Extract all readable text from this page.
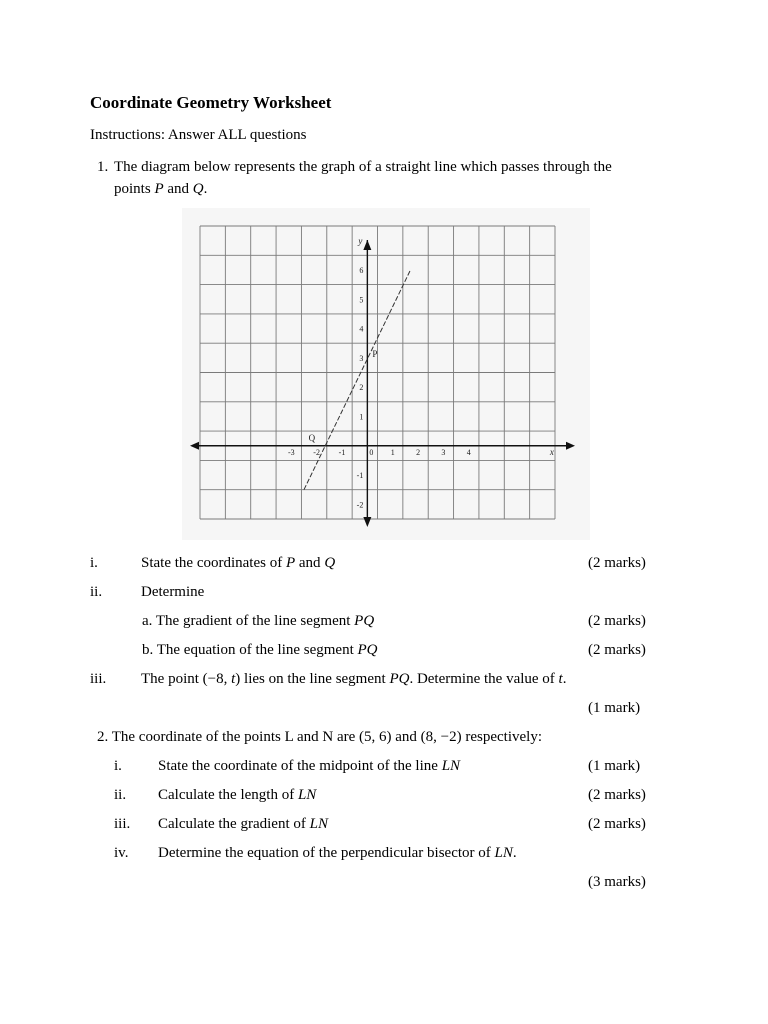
Coordinate Geometry Worksheet
Instructions: Answer ALL questions
1. The diagram below represents the graph of a straight line which passes through the
points P and Q.
-3 -2 -1	0 1	2	3	4
6
5
4
3
2
1
-1
-2
x
y
P
Q
i.	State the coordinates of P and Q	(2 marks)
ii.	Determine
a. The gradient of the line segment PQ	(2 marks)
b. The equation of the line segment PQ	(2 marks)
iii. The point (−8, t) lies on the line segment PQ. Determine the value of t.
(1 mark)
2. The coordinate of the points L and N are (5, 6) and (8, −2) respectively:
i. State the coordinate of the midpoint of the line LN	(1 mark)
ii. Calculate the length of LN	(2 marks)
iii. Calculate the gradient of LN	(2 marks)
iv. Determine the equation of the perpendicular bisector of LN.
(3 marks)
